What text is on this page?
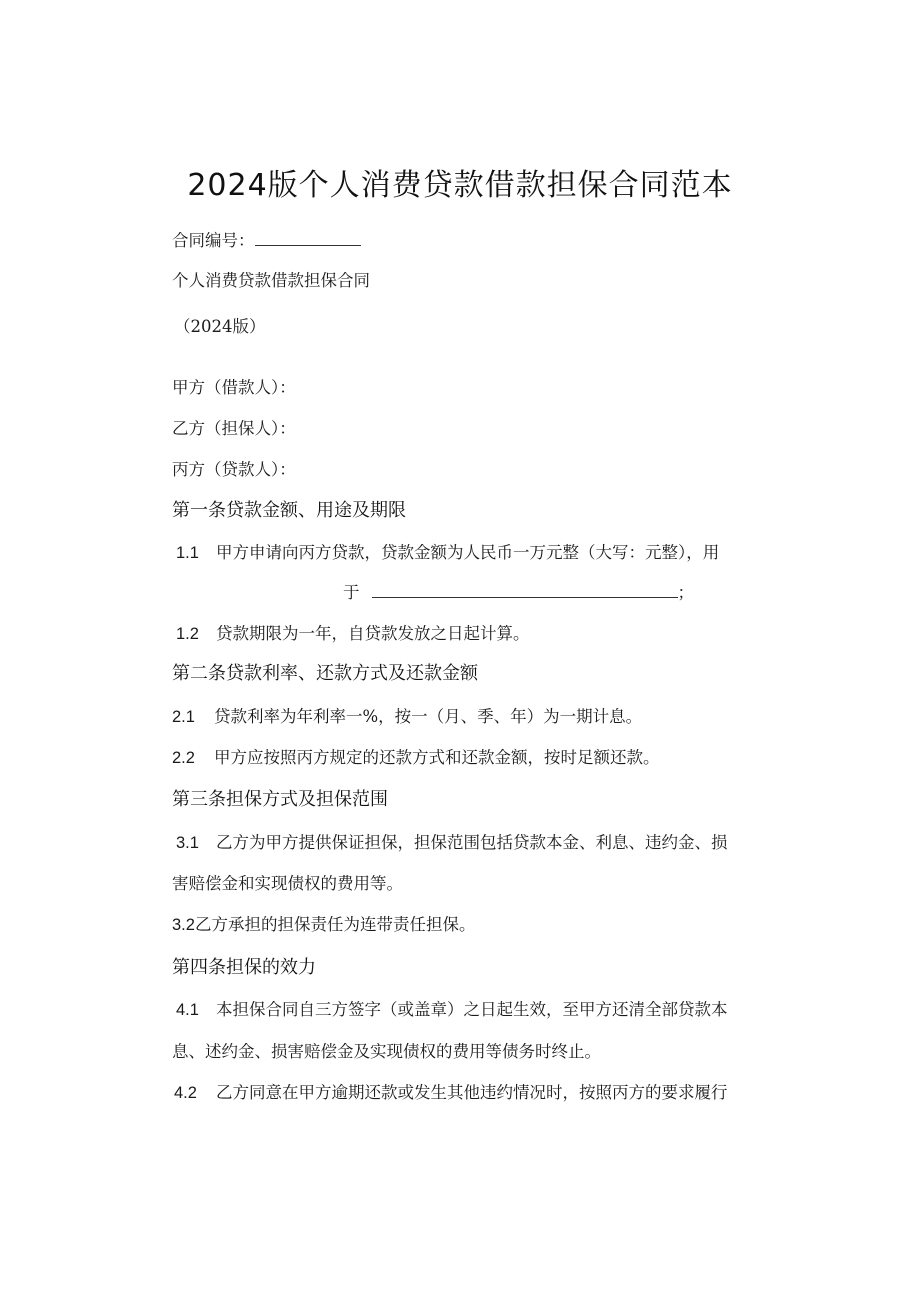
2024版个人消费贷款借款担保合同范本
合同编号：
个人消费贷款借款担保合同
（2024版）
甲方（借款人）：
乙方（担保人）：
丙方（贷款人）：
第一条贷款金额、用途及期限
1.1 甲方申请向丙方贷款，贷款金额为人民币一万元整（大写：元整），用
于	；
1.2 贷款期限为一年，自贷款发放之日起计算。
第二条贷款利率、还款方式及还款金额
2.1 贷款利率为年利率一%，按一（月、季、年）为一期计息。
2.2 甲方应按照丙方规定的还款方式和还款金额，按时足额还款。
第三条担保方式及担保范围
3.1 乙方为甲方提供保证担保，担保范围包括贷款本金、利息、违约金、损
害赔偿金和实现债权的费用等。
3.2乙方承担的担保责任为连带责任担保。
第四条担保的效力
4.1 本担保合同自三方签字（或盖章）之日起生效，至甲方还清全部贷款本
息、述约金、损害赔偿金及实现债权的费用等债务时终止。
4.2 乙方同意在甲方逾期还款或发生其他违约情况时，按照丙方的要求履行
